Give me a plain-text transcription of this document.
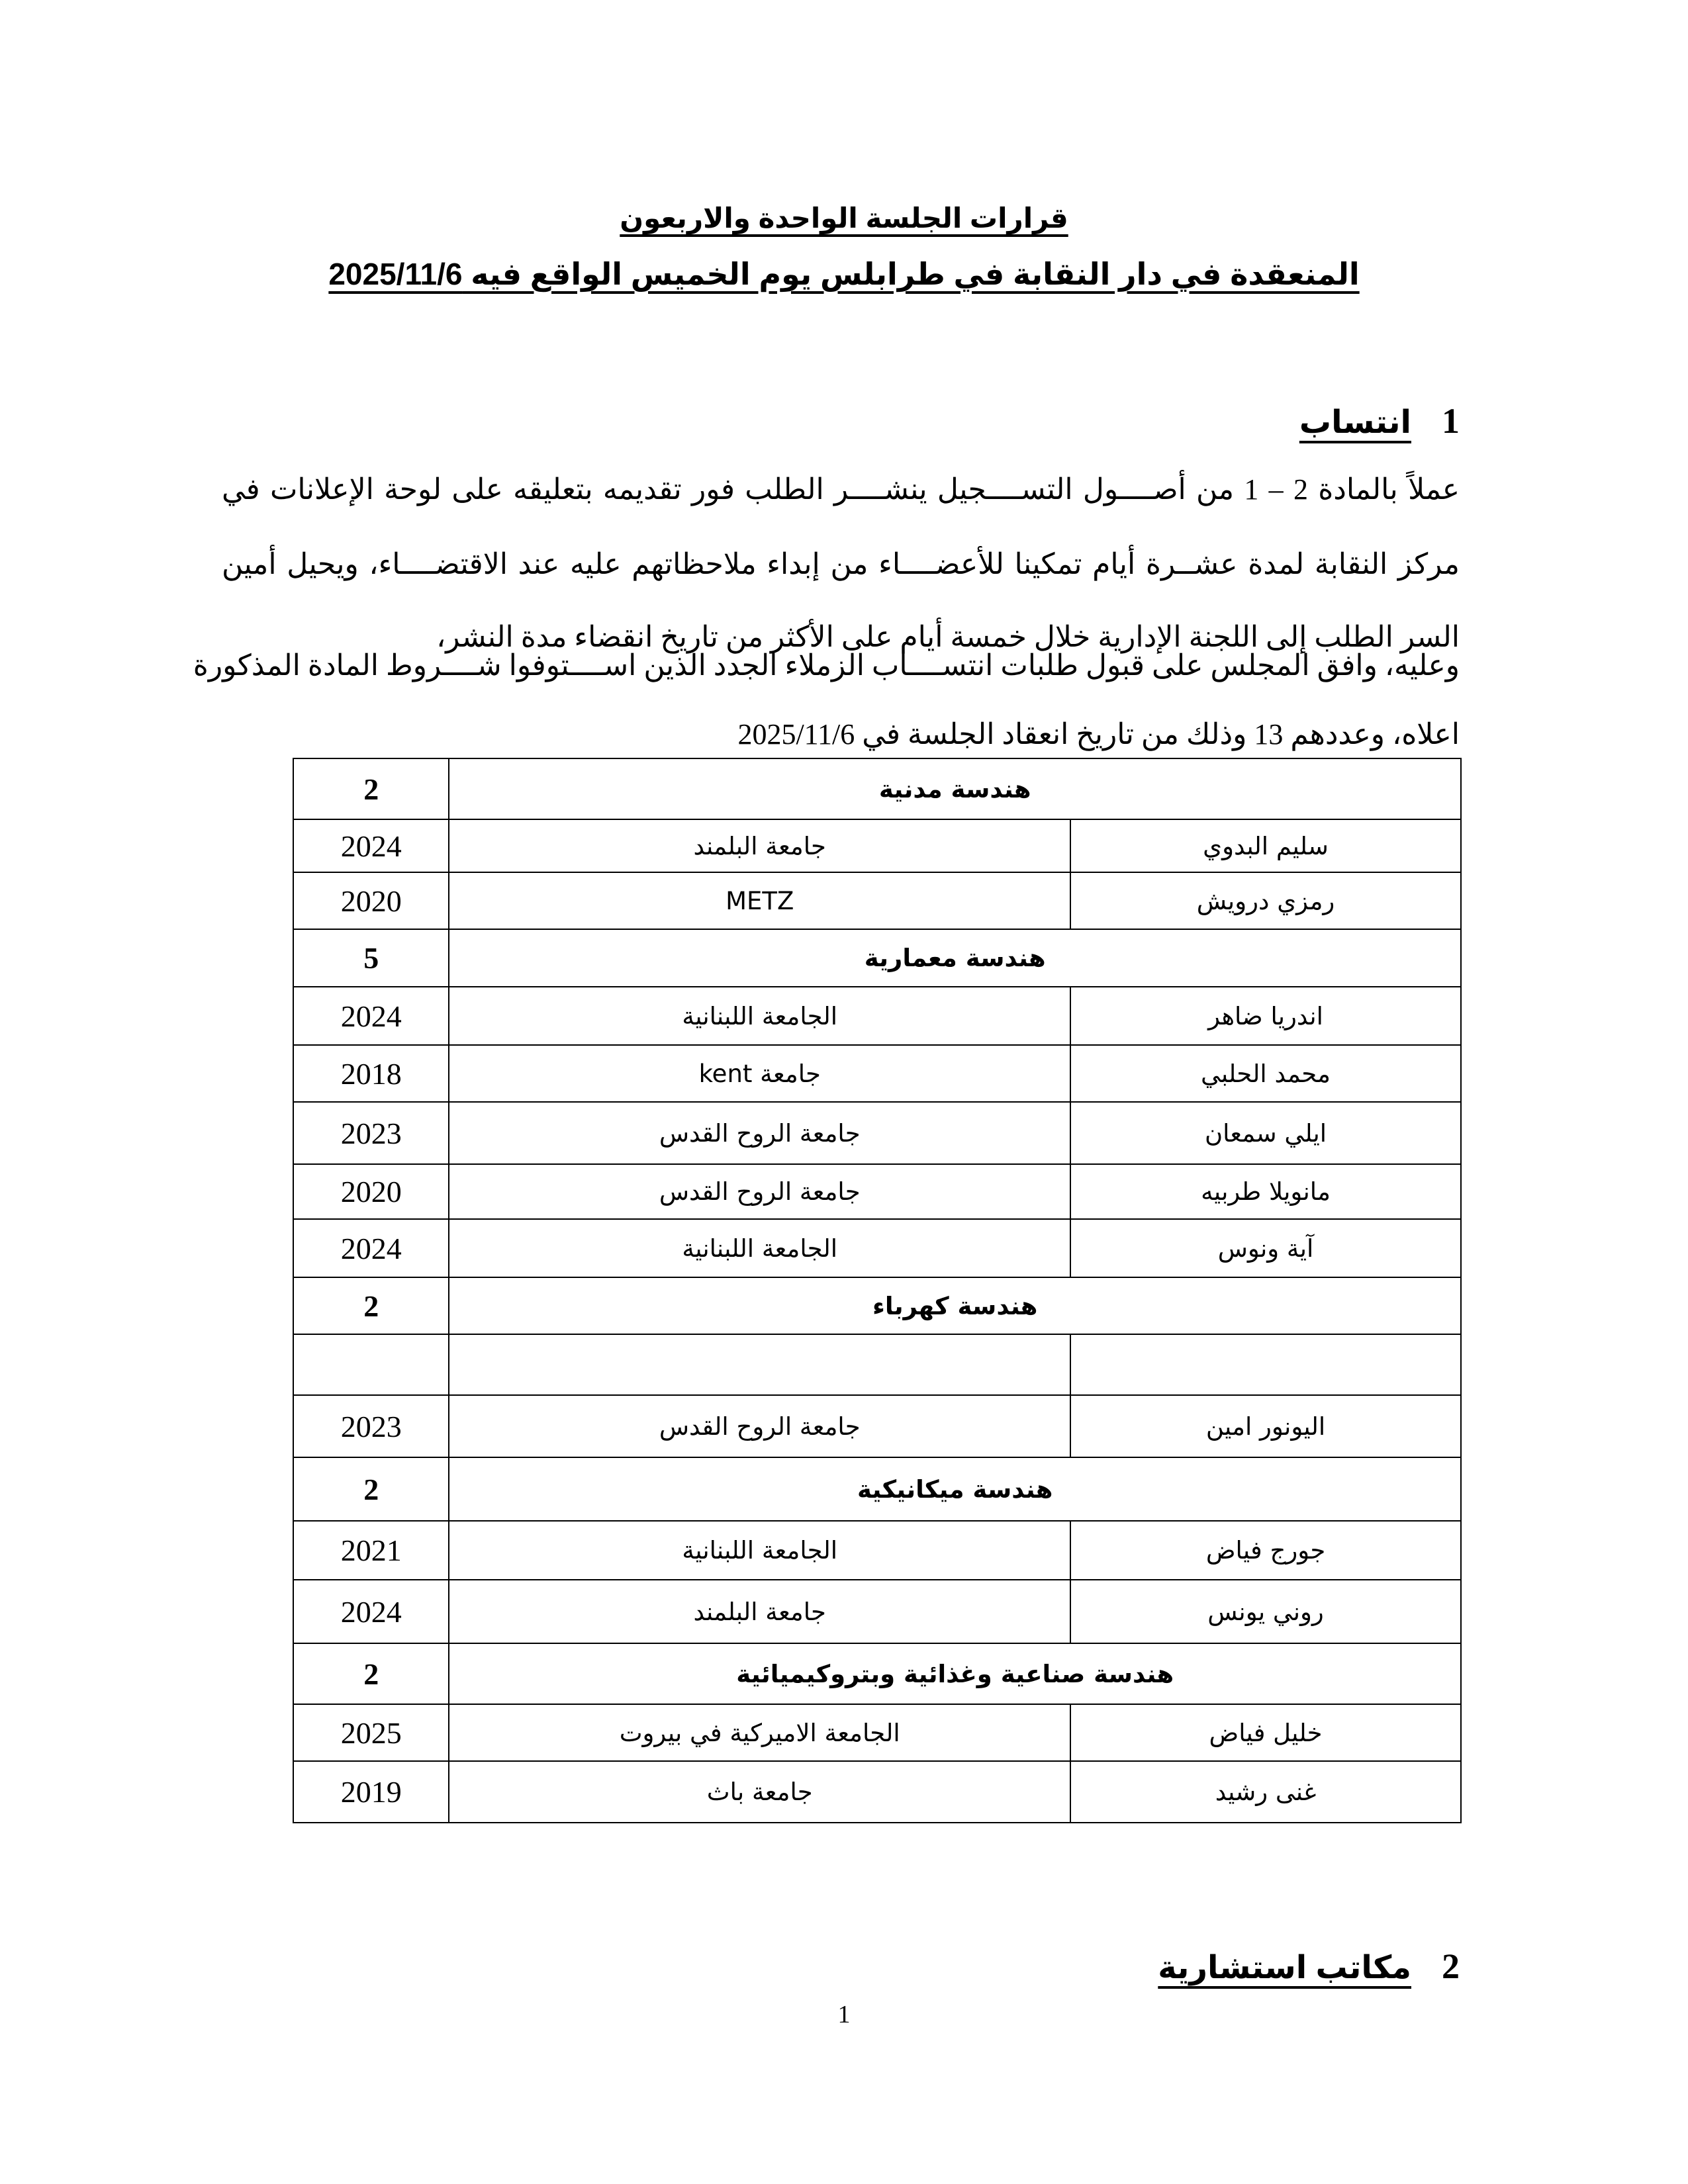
قرارات الجلسة الواحدة والاربعون
المنعقدة في دار النقابة في طرابلس يوم الخميس الواقع فيه 2025/11/6
1انتساب
عملاً بالمادة 2 – 1 من أصــــول التســــجيل ينشــــر الطلب فور تقديمه بتعليقه على لوحة الإعلانات في
مركز النقابة لمدة عشــرة أيام تمكينا للأعضــــاء من إبداء ملاحظاتهم عليه عند الاقتضــــاء، ويحيل أمين
السر الطلب إلى اللجنة الإدارية خلال خمسة أيام على الأكثر من تاريخ انقضاء مدة النشر،
وعليه، وافق المجلس على قبول طلبات انتســــاب الزملاء الجدد الذين اســــتوفوا شــــروط المادة المذكورة
اعلاه، وعددهم 13 وذلك من تاريخ انعقاد الجلسة في 2025/11/6
هندسة مدنية		2
سليم البدوي	جامعة البلمند	2024
رمزي درويش	METZ	2020
هندسة معمارية		5
اندريا ضاهر	الجامعة اللبنانية	2024
محمد الحلبي	جامعة kent	2018
ايلي سمعان	جامعة الروح القدس	2023
مانويلا طربيه	جامعة الروح القدس	2020
آية ونوس	الجامعة اللبنانية	2024
هندسة كهرباء		2

اليونور امين	جامعة الروح القدس	2023
هندسة ميكانيكية		2
جورج فياض	الجامعة اللبنانية	2021
روني يونس	جامعة البلمند	2024
هندسة صناعية وغذائية وبتروكيميائية		2
خليل فياض	الجامعة الاميركية في بيروت	2025
غنى رشيد	جامعة باث	2019
2مكاتب استشارية
1
